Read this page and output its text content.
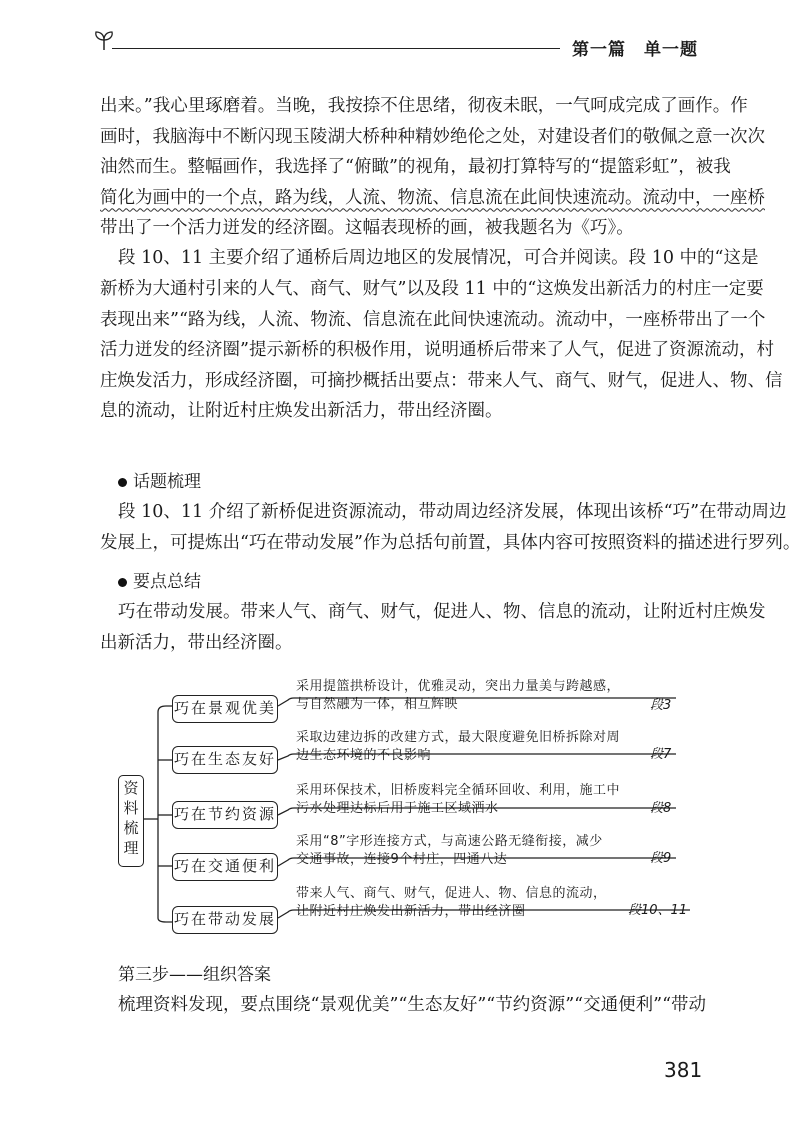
第一篇　单一题
出来。”我心里琢磨着。当晚，我按捺不住思绪，彻夜未眠，一气呵成完成了画作。作
画时，我脑海中不断闪现玉陵湖大桥种种精妙绝伦之处，对建设者们的敬佩之意一次次
油然而生。整幅画作，我选择了“俯瞰”的视角，最初打算特写的“提篮彩虹”，被我
简化为画中的一个点，路为线，人流、物流、信息流在此间快速流动。流动中，一座桥
带出了一个活力迸发的经济圈。这幅表现桥的画，被我题名为《巧》。
段 10、11 主要介绍了通桥后周边地区的发展情况，可合并阅读。段 10 中的“这是
新桥为大通村引来的人气、商气、财气”以及段 11 中的“这焕发出新活力的村庄一定要
表现出来”“路为线，人流、物流、信息流在此间快速流动。流动中，一座桥带出了一个
活力迸发的经济圈”提示新桥的积极作用，说明通桥后带来了人气，促进了资源流动，村
庄焕发活力，形成经济圈，可摘抄概括出要点：带来人气、商气、财气，促进人、物、信
息的流动，让附近村庄焕发出新活力，带出经济圈。
话题梳理
段 10、11 介绍了新桥促进资源流动，带动周边经济发展，体现出该桥“巧”在带动周边
发展上，可提炼出“巧在带动发展”作为总括句前置，具体内容可按照资料的描述进行罗列。
要点总结
巧在带动发展。带来人气、商气、财气，促进人、物、信息的流动，让附近村庄焕发
出新活力，带出经济圈。
资料梳理
巧在景观优美
巧在生态友好
巧在节约资源
巧在交通便利
巧在带动发展
采用提篮拱桥设计，优雅灵动，突出力量美与跨越感，
与自然融为一体，相互辉映	段3
采取边建边拆的改建方式，最大限度避免旧桥拆除对周
边生态环境的不良影响	段7
采用环保技术，旧桥废料完全循环回收、利用，施工中
污水处理达标后用于施工区域洒水	段8
采用“8”字形连接方式，与高速公路无缝衔接，减少
交通事故，连接9个村庄，四通八达	段9
带来人气、商气、财气，促进人、物、信息的流动，
让附近村庄焕发出新活力，带出经济圈	段10、11
第三步——组织答案
梳理资料发现，要点围绕“景观优美”“生态友好”“节约资源”“交通便利”“带动
381
